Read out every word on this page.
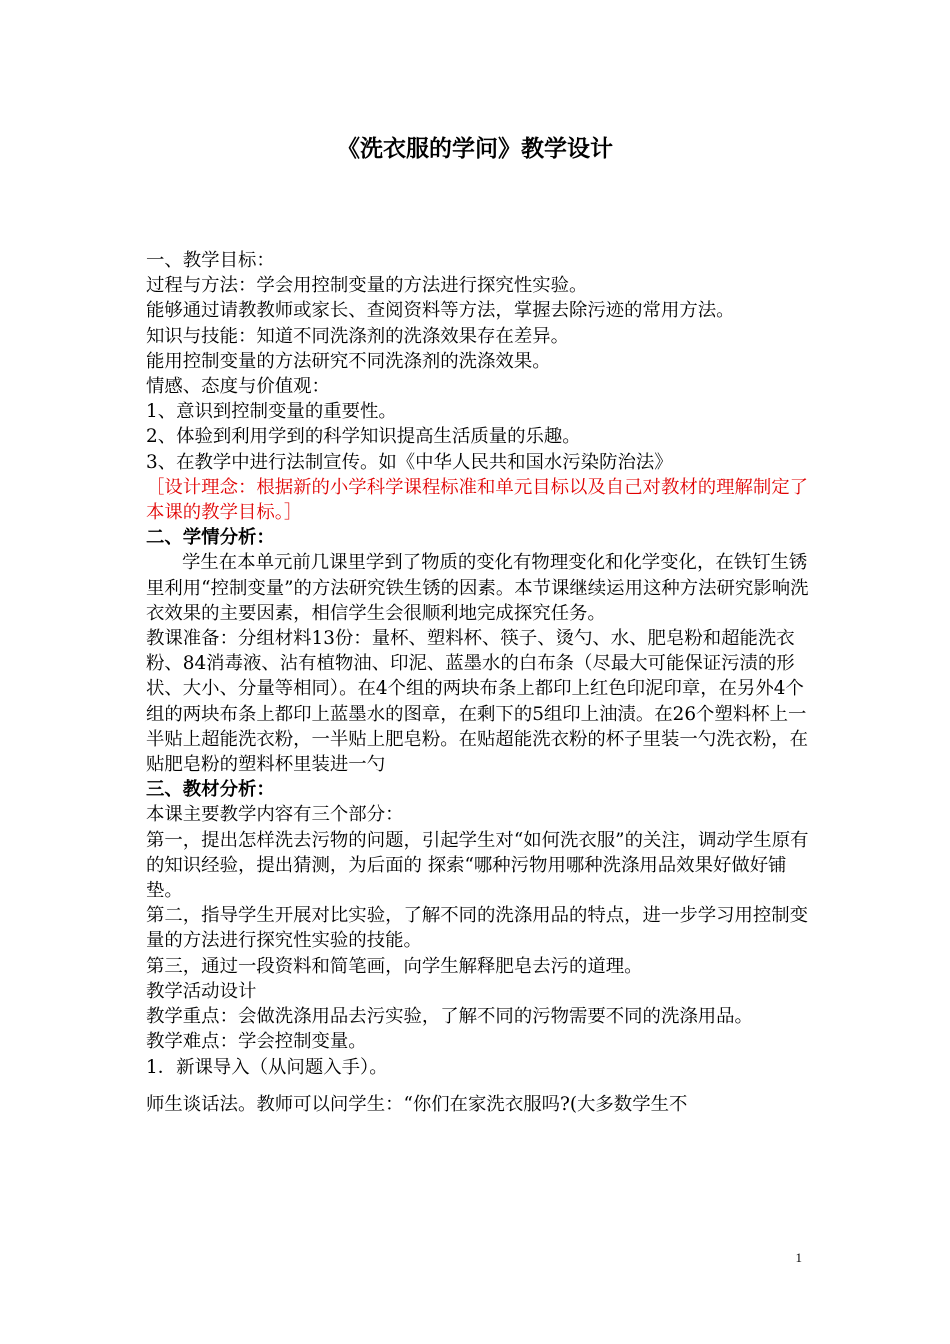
《洗衣服的学问》教学设计

一、教学目标：

过程与方法：学会用控制变量的方法进行探究性实验。

能够通过请教教师或家长、查阅资料等方法，掌握去除污迹的常用方法。

知识与技能：知道不同洗涤剂的洗涤效果存在差异。

能用控制变量的方法研究不同洗涤剂的洗涤效果。

情感、态度与价值观：

1、意识到控制变量的重要性。

2、体验到利用学到的科学知识提高生活质量的乐趣。

3、在教学中进行法制宣传。如《中华人民共和国水污染防治法》

［设计理念：根据新的小学科学课程标准和单元目标以及自己对教材的理解制定了本课的教学目标。］

二、学情分析：

学生在本单元前几课里学到了物质的变化有物理变化和化学变化，在铁钉生锈里利用“控制变量”的方法研究铁生锈的因素。本节课继续运用这种方法研究影响洗衣效果的主要因素，相信学生会很顺利地完成探究任务。

教课准备：分组材料13份：量杯、塑料杯、筷子、烫勺、水、肥皂粉和超能洗衣粉、84消毒液、沾有植物油、印泥、蓝墨水的白布条（尽最大可能保证污渍的形状、大小、分量等相同）。在4个组的两块布条上都印上红色印泥印章，在另外4个组的两块布条上都印上蓝墨水的图章，在剩下的5组印上油渍。在26个塑料杯上一半贴上超能洗衣粉，一半贴上肥皂粉。在贴超能洗衣粉的杯子里装一勺洗衣粉，在贴肥皂粉的塑料杯里装进一勺

三、教材分析：

本课主要教学内容有三个部分：

第一，提出怎样洗去污物的问题，引起学生对“如何洗衣服”的关注，调动学生原有的知识经验，提出猜测，为后面的 探索“哪种污物用哪种洗涤用品效果好做好铺垫。

第二，指导学生开展对比实验，了解不同的洗涤用品的特点，进一步学习用控制变量的方法进行探究性实验的技能。

第三，通过一段资料和简笔画，向学生解释肥皂去污的道理。

教学活动设计

教学重点：会做洗涤用品去污实验，了解不同的污物需要不同的洗涤用品。

教学难点：学会控制变量。

1．新课导入（从问题入手）。

师生谈话法。教师可以问学生：“你们在家洗衣服吗?(大多数学生不

1
